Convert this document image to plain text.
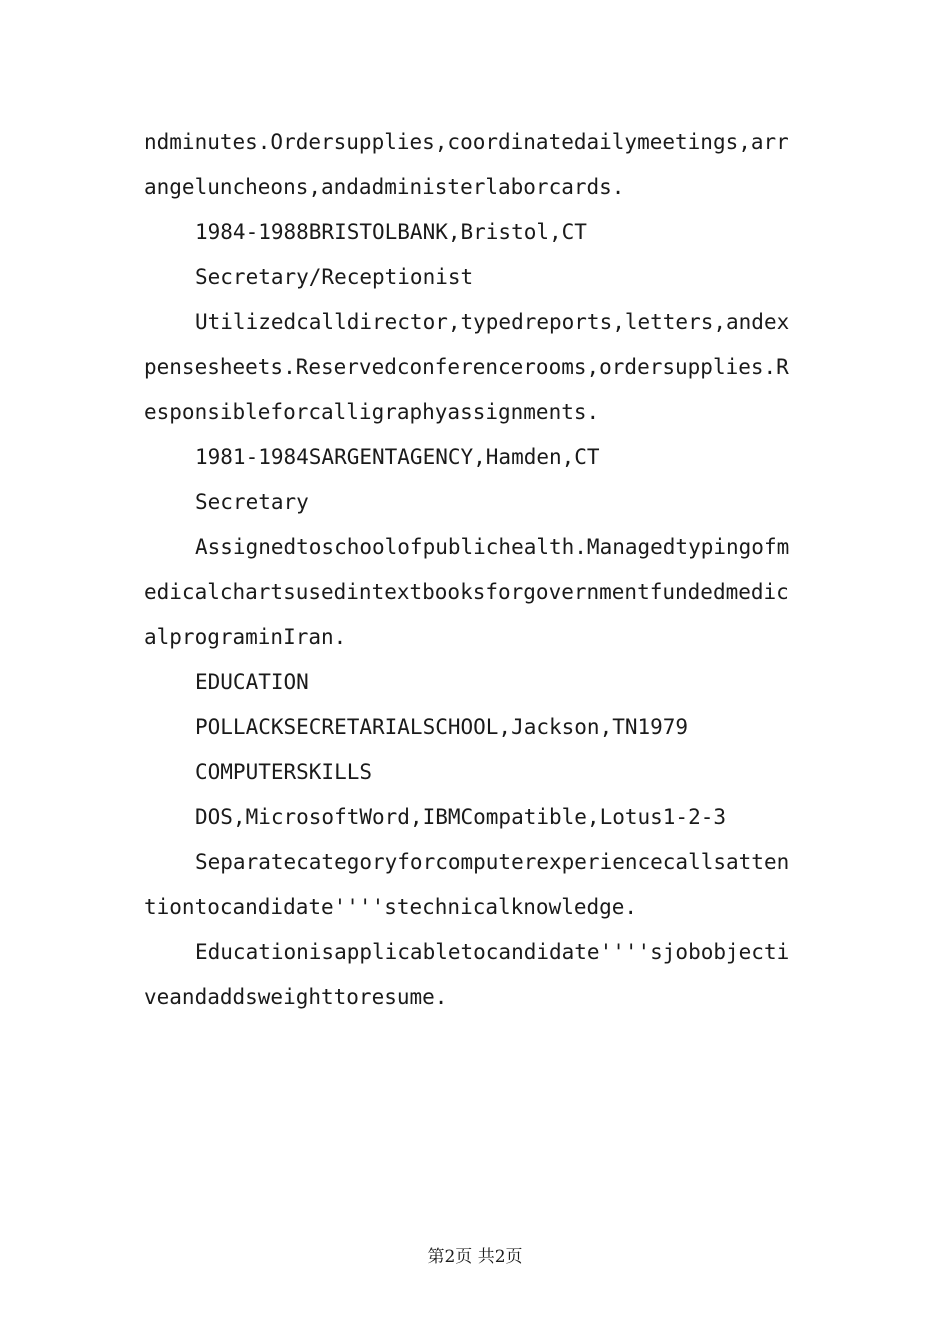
ndminutes.Ordersupplies,coordinatedailymeetings,arr
angeluncheons,andadministerlaborcards.
1984-1988BRISTOLBANK,Bristol,CT
Secretary/Receptionist
Utilizedcalldirector,typedreports,letters,andex
pensesheets.Reservedconferencerooms,ordersupplies.R
esponsibleforcalligraphyassignments.
1981-1984SARGENTAGENCY,Hamden,CT
Secretary
Assignedtoschoolofpublichealth.Managedtypingofm
edicalchartsusedintextbooksforgovernmentfundedmedic
alprograminIran.
EDUCATION
POLLACKSECRETARIALSCHOOL,Jackson,TN1979
COMPUTERSKILLS
DOS,MicrosoftWord,IBMCompatible,Lotus1-2-3
Separatecategoryforcomputerexperiencecallsatten
tiontocandidate''''stechnicalknowledge.
Educationisapplicabletocandidate''''sjobobjecti
veandaddsweighttoresume.
第2页 共2页
